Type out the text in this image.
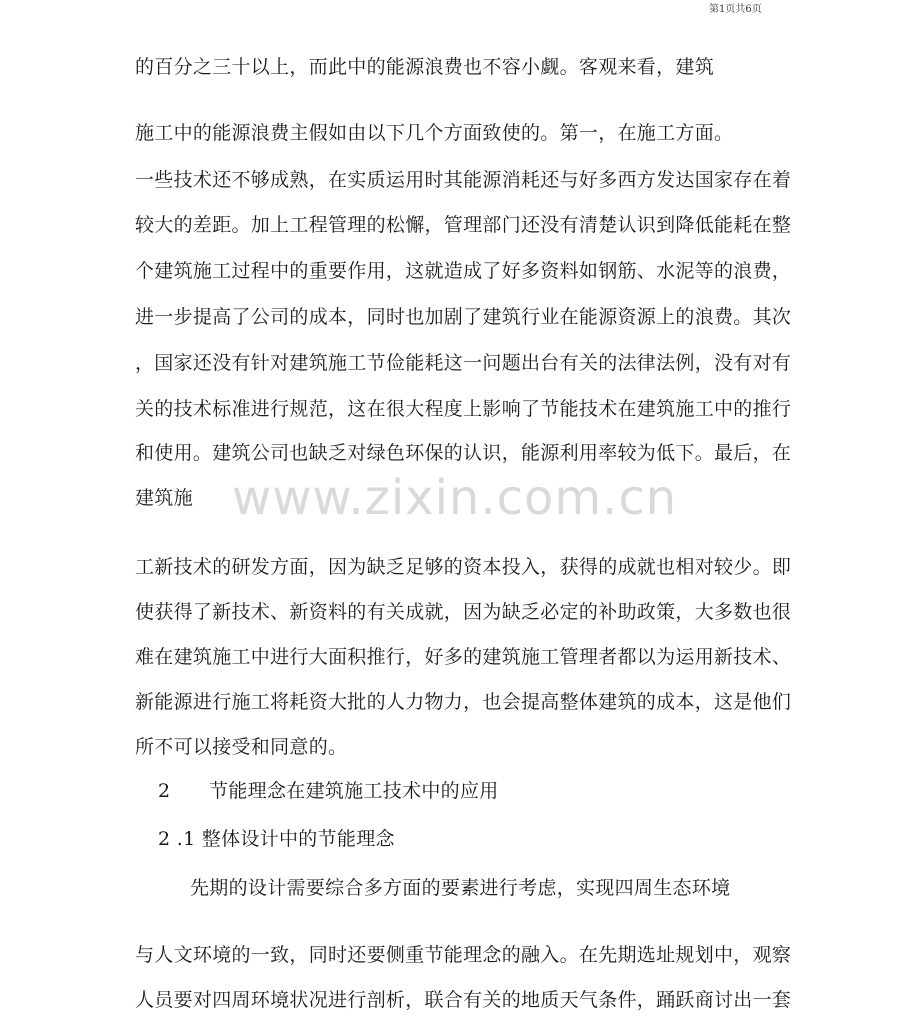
第1页共6页
www.zixin.com.cn
的百分之三十以上，而此中的能源浪费也不容小觑。客观来看，建筑
施工中的能源浪费主假如由以下几个方面致使的。第一，在施工方面。
一些技术还不够成熟，在实质运用时其能源消耗还与好多西方发达国家存在着
较大的差距。加上工程管理的松懈，管理部门还没有清楚认识到降低能耗在整
个建筑施工过程中的重要作用，这就造成了好多资料如钢筋、水泥等的浪费，
进一步提高了公司的成本，同时也加剧了建筑行业在能源资源上的浪费。其次
，国家还没有针对建筑施工节俭能耗这一问题出台有关的法律法例，没有对有
关的技术标准进行规范，这在很大程度上影响了节能技术在建筑施工中的推行
和使用。建筑公司也缺乏对绿色环保的认识，能源利用率较为低下。最后，在
建筑施
工新技术的研发方面，因为缺乏足够的资本投入，获得的成就也相对较少。即
使获得了新技术、新资料的有关成就，因为缺乏必定的补助政策，大多数也很
难在建筑施工中进行大面积推行，好多的建筑施工管理者都以为运用新技术、
新能源进行施工将耗资大批的人力物力，也会提高整体建筑的成本，这是他们
所不可以接受和同意的。
2 节能理念在建筑施工技术中的应用
2 .1 整体设计中的节能理念
先期的设计需要综合多方面的要素进行考虑，实现四周生态环境
与人文环境的一致，同时还要侧重节能理念的融入。在先期选址规划中，观察
人员要对四周环境状况进行剖析，联合有关的地质天气条件，踊跃商讨出一套
